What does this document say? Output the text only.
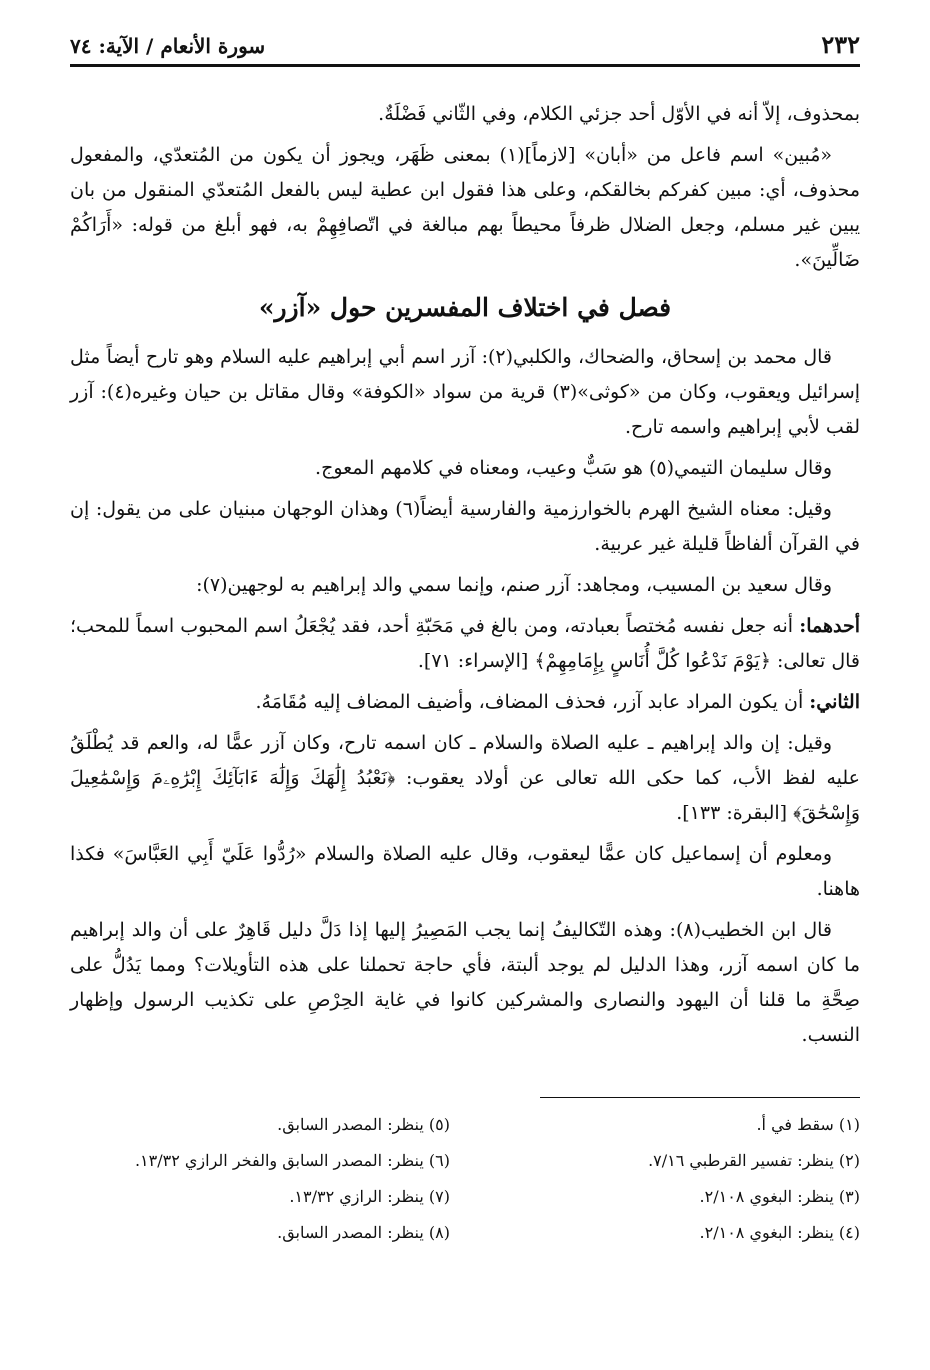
٢٣٢
سورة الأنعام / الآية: ٧٤

بمحذوف، إلاّ أنه في الأوّل أحد جزئي الكلام، وفي الثّاني فَضْلَةٌ.

«مُبين» اسم فاعل من «أبان» [لازماً](١) بمعنى ظَهَر، ويجوز أن يكون من المُتعدّي، والمفعول محذوف، أي: مبين كفركم بخالقكم، وعلى هذا فقول ابن عطية ليس بالفعل المُتعدّي المنقول من بان يبين غير مسلم، وجعل الضلال ظرفاً محيطاً بهم مبالغة في اتّصافِهِمْ به، فهو أبلغ من قوله: «أَرَاكُمْ ضَالِّينَ».

فصل في اختلاف المفسرين حول «آزر»

قال محمد بن إسحاق، والضحاك، والكلبي(٢): آزر اسم أبي إبراهيم عليه السلام وهو تارح أيضاً مثل إسرائيل ويعقوب، وكان من «كوثى»(٣) قرية من سواد «الكوفة» وقال مقاتل بن حيان وغيره(٤): آزر لقب لأبي إبراهيم واسمه تارح.

وقال سليمان التيمي(٥) هو سَبٌّ وعيب، ومعناه في كلامهم المعوج.

وقيل: معناه الشيخ الهرم بالخوارزمية والفارسية أيضاً(٦) وهذان الوجهان مبنيان على من يقول: إن في القرآن ألفاظاً قليلة غير عربية.

وقال سعيد بن المسيب، ومجاهد: آزر صنم، وإنما سمي والد إبراهيم به لوجهين(٧):

أحدهما: أنه جعل نفسه مُختصاً بعبادته، ومن بالغ في مَحَبّةِ أحد، فقد يُجْعَلُ اسم المحبوب اسماً للمحب؛ قال تعالى: ﴿يَوْمَ نَدْعُوا كُلَّ أُنَاسٍ بِإِمَامِهِمْ﴾ [الإسراء: ٧١].

الثاني: أن يكون المراد عابد آزر، فحذف المضاف، وأضيف المضاف إليه مُقَامَهُ.

وقيل: إن والد إبراهيم ـ عليه الصلاة والسلام ـ كان اسمه تارح، وكان آزر عمًّا له، والعم قد يُطْلَقُ عليه لفظ الأب، كما حكى الله تعالى عن أولاد يعقوب: ﴿نَعْبُدُ إِلَٰهَكَ وَإِلَٰهَ ءَابَآئِكَ إِبْرَٰهِۦمَ وَإِسْمَٰعِيلَ وَإِسْحَٰقَ﴾ [البقرة: ١٣٣].

ومعلوم أن إسماعيل كان عمًّا ليعقوب، وقال عليه الصلاة والسلام «رُدُّوا عَلَيّ أَبِي العَبَّاسَ» فكذا هاهنا.

قال ابن الخطيب(٨): وهذه التّكاليفُ إنما يجب المَصِيرُ إليها إذا دَلَّ دليل قَاهِرٌ على أن والد إبراهيم ما كان اسمه آزر، وهذا الدليل لم يوجد ألبتة، فأي حاجة تحملنا على هذه التأويلات؟ ومما يَدُلُّ على صِحَّةِ ما قلنا أن اليهود والنصارى والمشركين كانوا في غاية الحِرْصِ على تكذيب الرسول وإظهار النسب.

(١) سقط في أ.
(٥) ينظر: المصدر السابق.
(٢) ينظر: تفسير القرطبي ٧/١٦.
(٦) ينظر: المصدر السابق والفخر الرازي ١٣/٣٢.
(٣) ينظر: البغوي ٢/١٠٨.
(٧) ينظر: الرازي ١٣/٣٢.
(٤) ينظر: البغوي ٢/١٠٨.
(٨) ينظر: المصدر السابق.
